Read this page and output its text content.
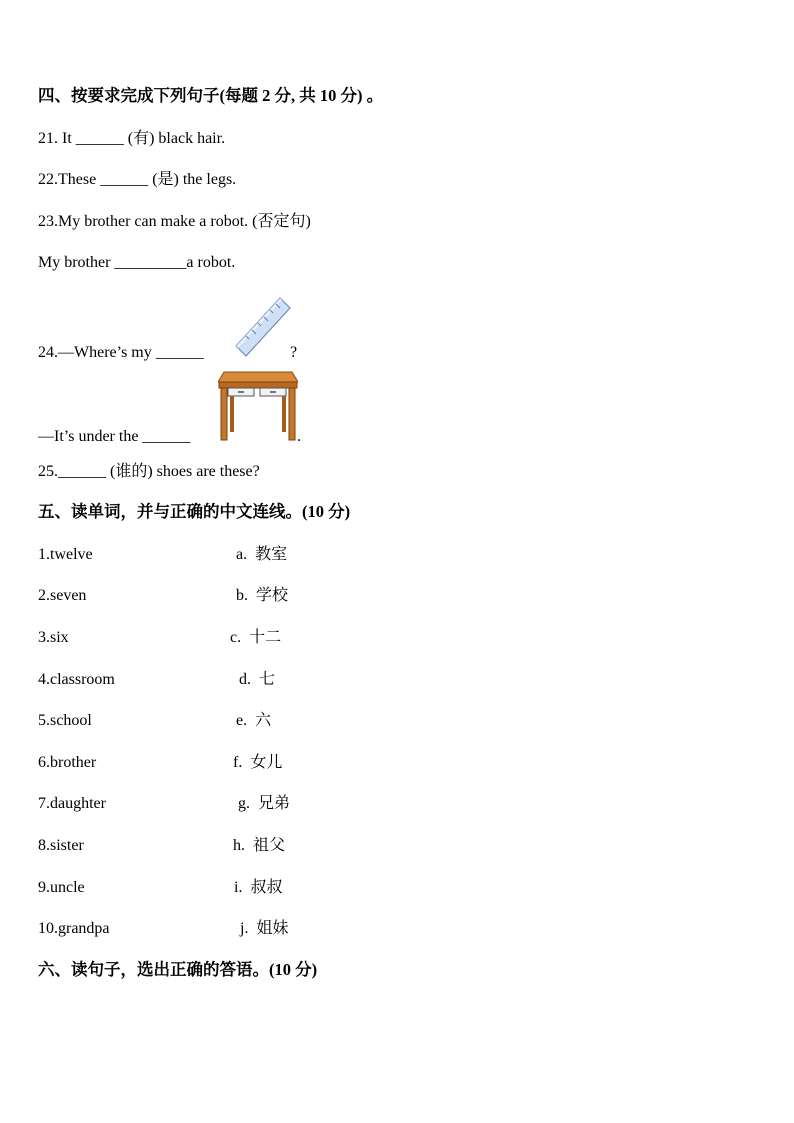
四、按要求完成下列句子(每题 2 分, 共 10 分) 。
21. It ______ (有) black hair.
22.These ______ (是) the legs.
23.My brother can make a robot. (否定句)
My brother _________a robot.
24.—Where’s my ______	?
—It’s under the ______	.
25.______ (谁的) shoes are these?
五、读单词，并与正确的中文连线。(10 分)
1.twelve	a.  教室
2.seven	b.  学校
3.six	c.  十二
4.classroom	d.  七
5.school	e.  六
6.brother	f.  女儿
7.daughter	g.  兄弟
8.sister	h.  祖父
9.uncle	i.  叔叔
10.grandpa	j.  姐妹
六、读句子，选出正确的答语。(10 分)
